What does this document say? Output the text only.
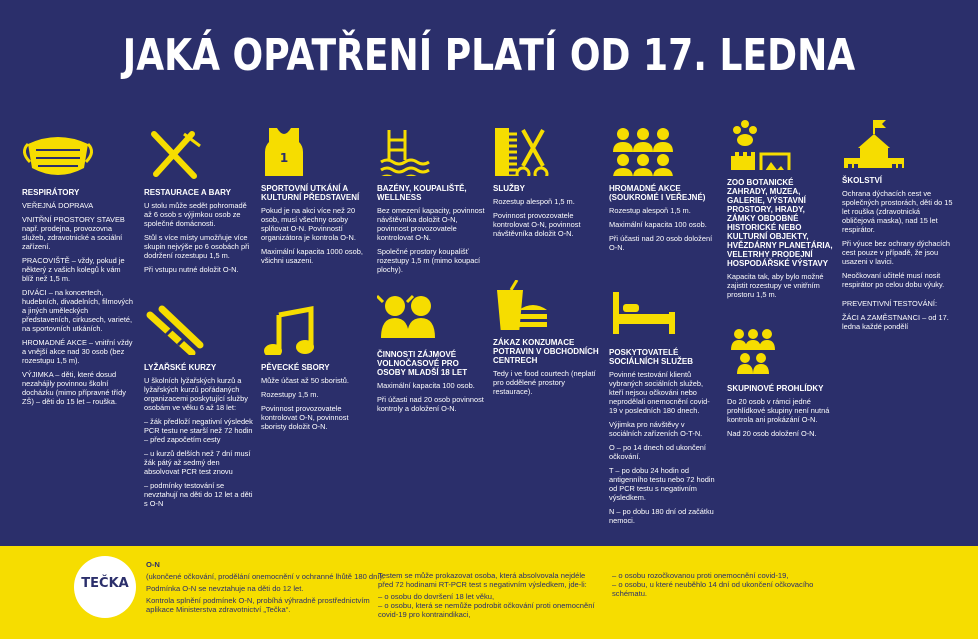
JAKÁ OPATŘENÍ PLATÍ OD 17. LEDNA
RESPIRÁTORY

VEŘEJNÁ DOPRAVA

VNITŘNÍ PROSTORY STAVEB např. prodejna, provozovna služeb, zdravotnické a sociální zařízení.

PRACOVIŠTĚ – vždy, pokud je některý z vašich kolegů k vám blíž než 1,5 m.

DIVÁCI – na koncertech, hudebních, divadelních, filmových a jiných uměleckých představeních, cirkusech, varieté, na sportovních utkáních.

HROMADNÉ AKCE – vnitřní vždy a vnější akce nad 30 osob (bez rozestupu 1,5 m).

VÝJIMKA – děti, které dosud nezahájily povinnou školní docházku (mimo přípravné třídy ZŠ) – děti do 15 let – rouška.

RESTAURACE A BARY

U stolu může sedět pohromadě až 6 osob s výjimkou osob ze společné domácnosti.

Stůl s více místy umožňuje více skupin nejvýše po 6 osobách při dodržení rozestupu 1,5 m.

Při vstupu nutné doložit O-N.

LYŽAŘSKÉ KURZY

U školních lyžařských kurzů a lyžařských kurzů pořádaných organizacemi poskytující služby osobám ve věku 6 až 18 let:

– žák předloží negativní výsledek PCR testu ne starší než 72 hodin – před započetím cesty

– u kurzů delších než 7 dní musí žák pátý až sedmý den absolvovat PCR test znovu

– podmínky testování se nevztahují na děti do 12 let a děti s O-N

1
SPORTOVNÍ UTKÁNÍ A KULTURNÍ PŘEDSTAVENÍ

Pokud je na akci více než 20 osob, musí všechny osoby splňovat O-N. Povinností organizátora je kontrola O-N.

Maximální kapacita 1000 osob, všichni usazeni.

PĚVECKÉ SBORY

Může účast až 50 sboristů.

Rozestupy 1,5 m.

Povinnost provozovatele kontrolovat O-N, povinnost sboristy doložit O-N.

BAZÉNY, KOUPALIŠTĚ, WELLNESS

Bez omezení kapacity, povinnost návštěvníka doložit O-N, povinnost provozovatele kontrolovat O-N.

Společné prostory koupališť rozestupy 1,5 m (mimo koupací plochy).

ČINNOSTI ZÁJMOVÉ VOLNOČASOVÉ PRO OSOBY MLADŠÍ 18 LET

Maximální kapacita 100 osob.

Při účasti nad 20 osob povinnost kontroly a doložení O-N.

SLUŽBY

Rozestup alespoň 1,5 m.

Povinnost provozovatele kontrolovat O-N, povinnost návštěvníka doložit O-N.

ZÁKAZ KONZUMACE POTRAVIN V OBCHODNÍCH CENTRECH

Tedy i ve food courtech (neplatí pro oddělené prostory restaurace).

HROMADNÉ AKCE (SOUKROMÉ I VEŘEJNÉ)

Rozestup alespoň 1,5 m.

Maximální kapacita 100 osob.

Při účasti nad 20 osob doložení O-N.

POSKYTOVATELÉ SOCIÁLNÍCH SLUŽEB

Povinné testování klientů vybraných sociálních služeb, kteří nejsou očkováni nebo neprodělali onemocnění covid-19 v posledních 180 dnech.

Výjimka pro návštěvy v sociálních zařízeních O-T-N.

O – po 14 dnech od ukončení očkování.

T – po dobu 24 hodin od antigenního testu nebo 72 hodin od PCR testu s negativním výsledkem.

N – po dobu 180 dní od začátku nemoci.

ZOO BOTANICKÉ ZAHRADY, MUZEA, GALERIE, VÝSTAVNÍ PROSTORY, HRADY, ZÁMKY OBDOBNÉ HISTORICKÉ NEBO KULTURNÍ OBJEKTY, HVĚZDÁRNY PLANETÁRIA, VELETRHY PRODEJNÍ HOSPODÁŘSKÉ VÝSTAVY

Kapacita tak, aby bylo možné zajistit rozestupy ve vnitřním prostoru 1,5 m.

SKUPINOVÉ PROHLÍDKY

Do 20 osob v rámci jedné prohlídkové skupiny není nutná kontrola ani prokázání O-N.

Nad 20 osob doložení O-N.

ŠKOLSTVÍ

Ochrana dýchacích cest ve společných prostorách, děti do 15 let rouška (zdravotnická obličejová maska), nad 15 let respirátor.

Při výuce bez ochrany dýchacích cest pouze v případě, že jsou usazeni v lavici.

Neočkovaní učitelé musí nosit respirátor po celou dobu výuky.

PREVENTIVNÍ TESTOVÁNÍ:

ŽÁCI A ZAMĚSTNANCI – od 17. ledna každé pondělí

TEČKA

O-N

(ukončené očkování, prodělání onemocnění v ochranné lhůtě 180 dní).

Podmínka O-N se nevztahuje na děti do 12 let.

Kontrola splnění podmínek O-N, probíhá výhradně prostřednictvím aplikace Ministerstva zdravotnictví „Tečka“.

Testem se může prokazovat osoba, která absolvovala nejdéle před 72 hodinami RT-PCR test s negativním výsledkem, jde-li:

– o osobu do dovršení 18 let věku,

– o osobu, která se nemůže podrobit očkování proti onemocnění covid-19 pro kontraindikaci,

– o osobu rozočkovanou proti onemocnění covid-19,

– o osobu, u které neuběhlo 14 dní od ukončení očkovacího schématu.
